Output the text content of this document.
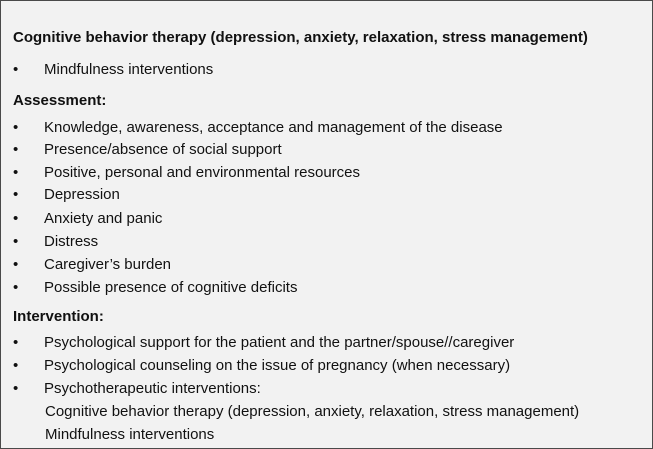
Cognitive behavior therapy (depression, anxiety, relaxation, stress management)
•	Mindfulness interventions
Assessment:
•	Knowledge, awareness, acceptance and management of the disease
•	Presence/absence of social support
•	Positive, personal and environmental resources
•	Depression
•	Anxiety and panic
•	Distress
•	Caregiver’s burden
•	Possible presence of cognitive deficits
Intervention:
•	Psychological support for the patient and the partner/spouse//caregiver
•	Psychological counseling on the issue of pregnancy (when necessary)
•	Psychotherapeutic interventions:
Cognitive behavior therapy (depression, anxiety, relaxation, stress management)
Mindfulness interventions
